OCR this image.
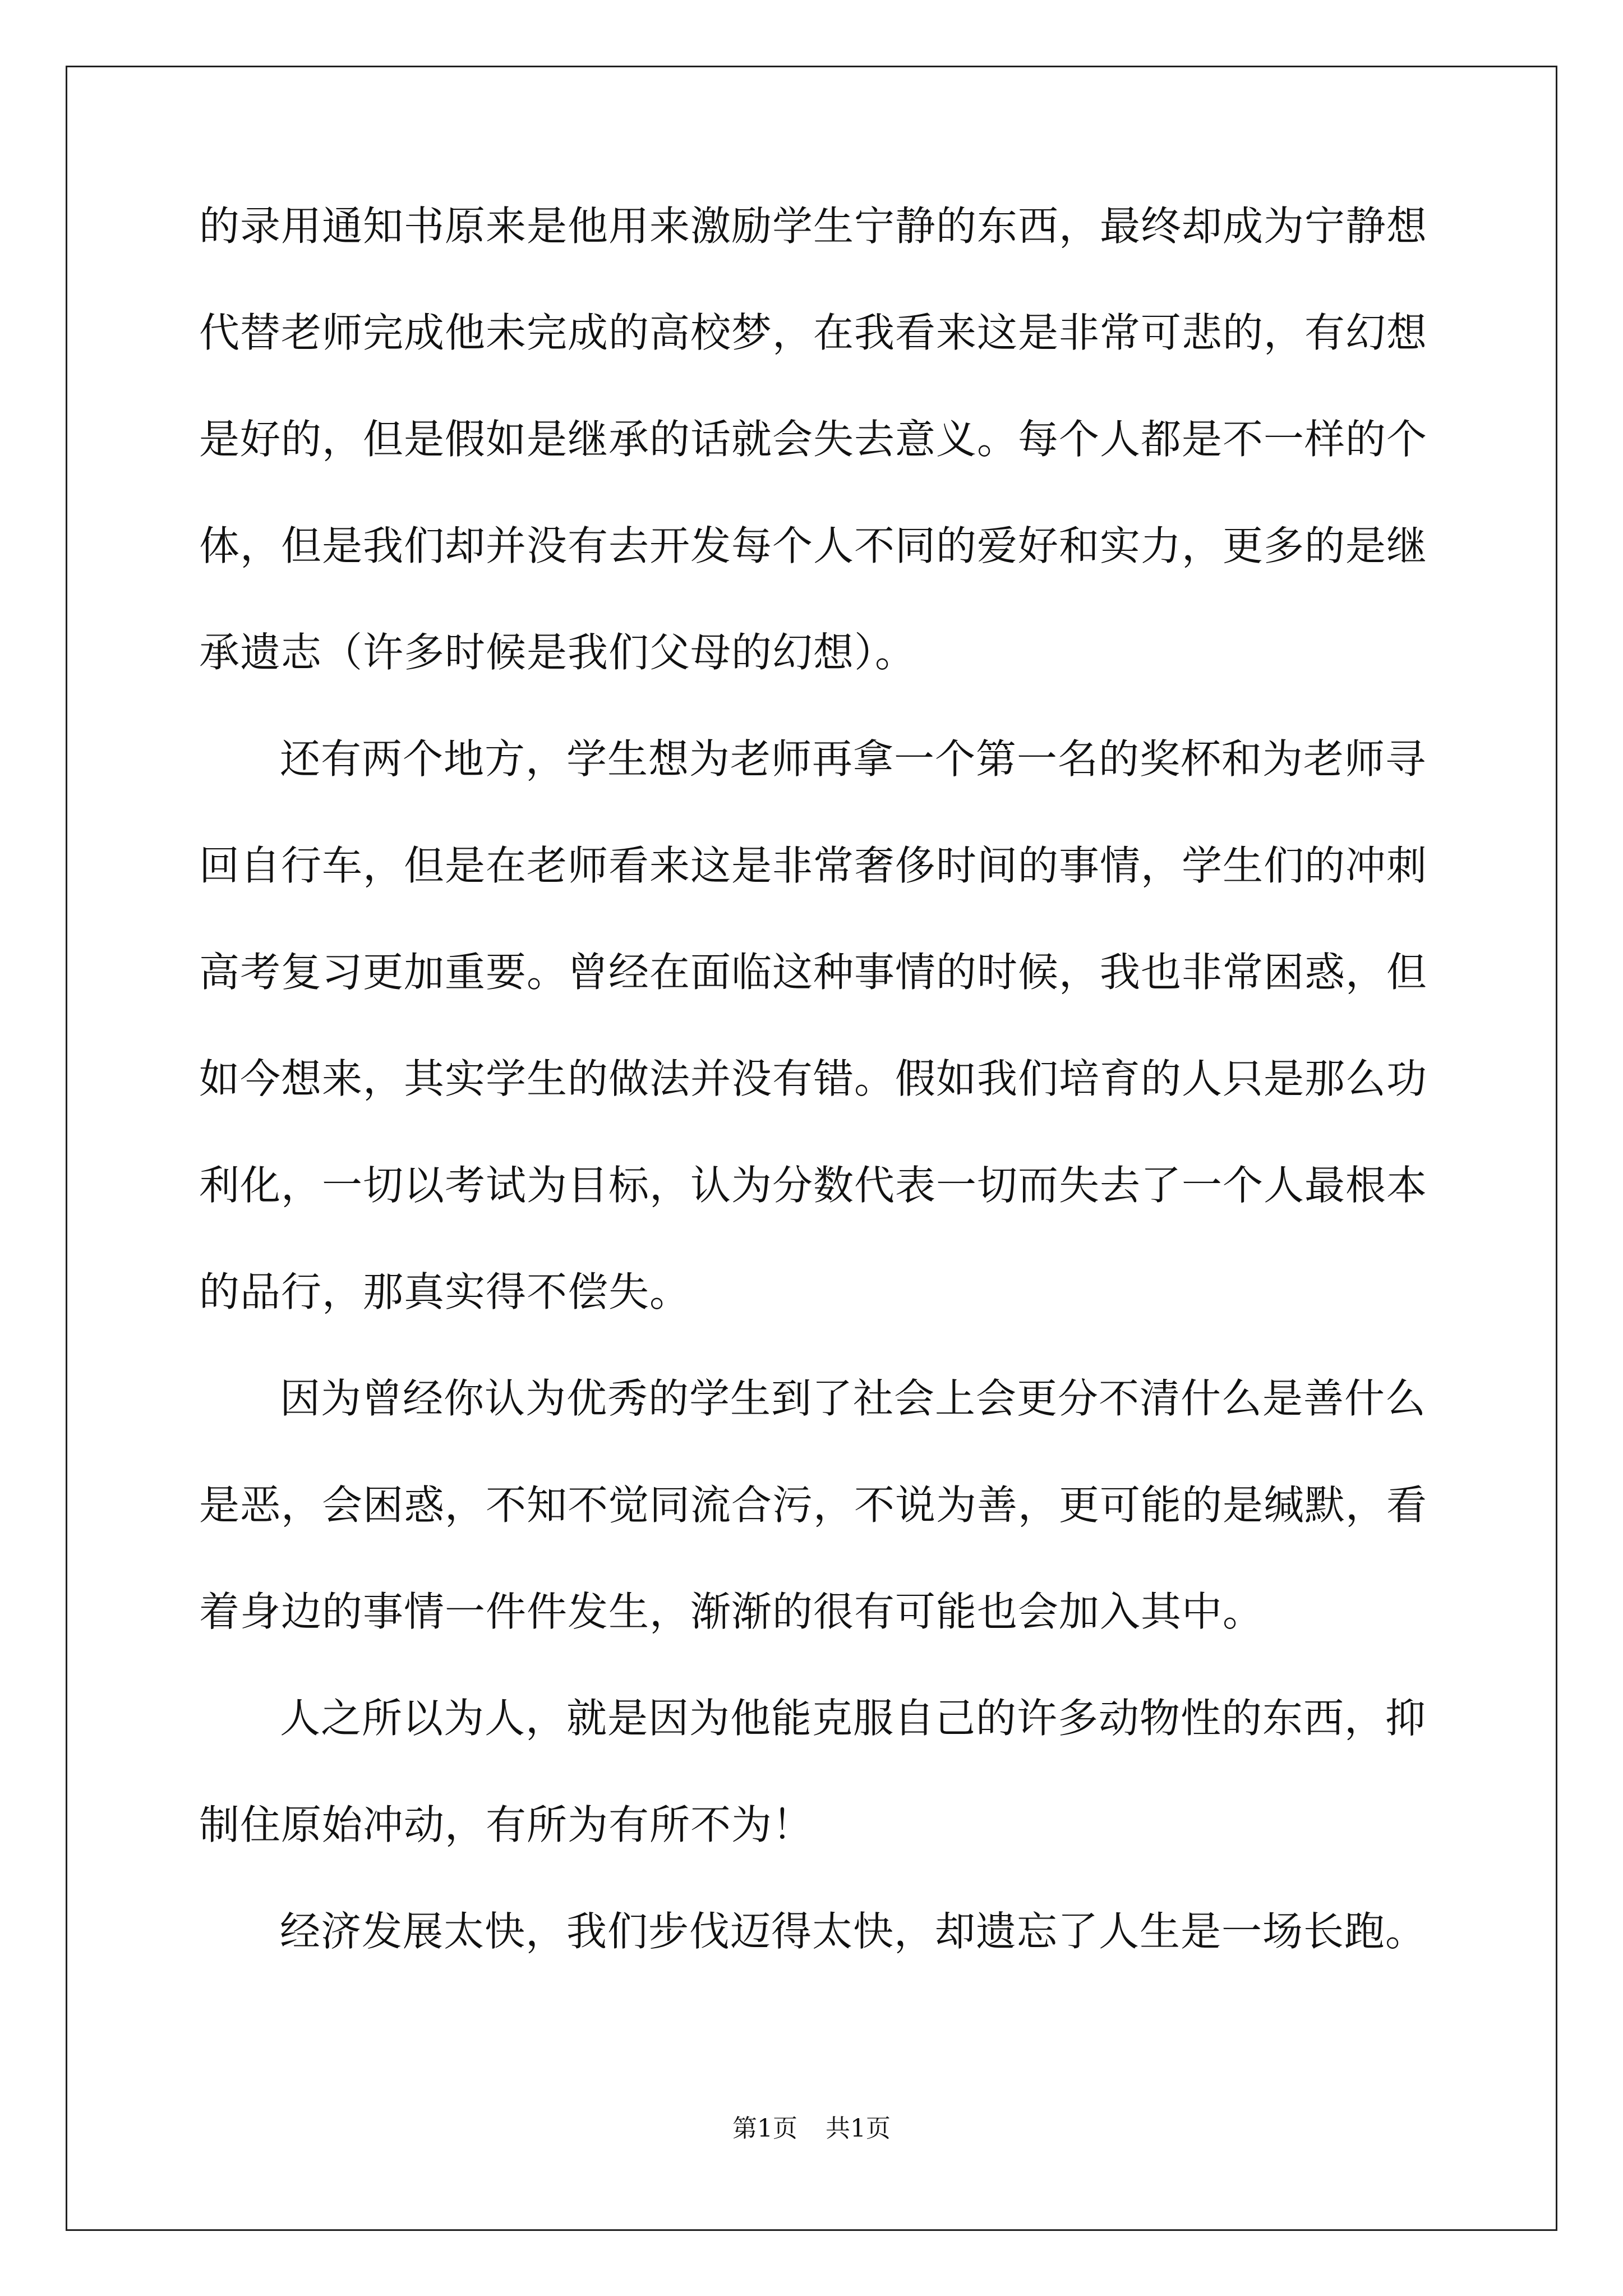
的录用通知书原来是他用来激励学生宁静的东西，最终却成为宁静想
代替老师完成他未完成的高校梦，在我看来这是非常可悲的，有幻想
是好的，但是假如是继承的话就会失去意义。每个人都是不一样的个
体，但是我们却并没有去开发每个人不同的爱好和实力，更多的是继
承遗志（许多时候是我们父母的幻想）。
还有两个地方，学生想为老师再拿一个第一名的奖杯和为老师寻
回自行车，但是在老师看来这是非常奢侈时间的事情，学生们的冲刺
高考复习更加重要。曾经在面临这种事情的时候，我也非常困惑，但
如今想来，其实学生的做法并没有错。假如我们培育的人只是那么功
利化，一切以考试为目标，认为分数代表一切而失去了一个人最根本
的品行，那真实得不偿失。
因为曾经你认为优秀的学生到了社会上会更分不清什么是善什么
是恶，会困惑，不知不觉同流合污，不说为善，更可能的是缄默，看
着身边的事情一件件发生，渐渐的很有可能也会加入其中。
人之所以为人，就是因为他能克服自己的许多动物性的东西，抑
制住原始冲动，有所为有所不为！
经济发展太快，我们步伐迈得太快，却遗忘了人生是一场长跑。
第1页 共1页
